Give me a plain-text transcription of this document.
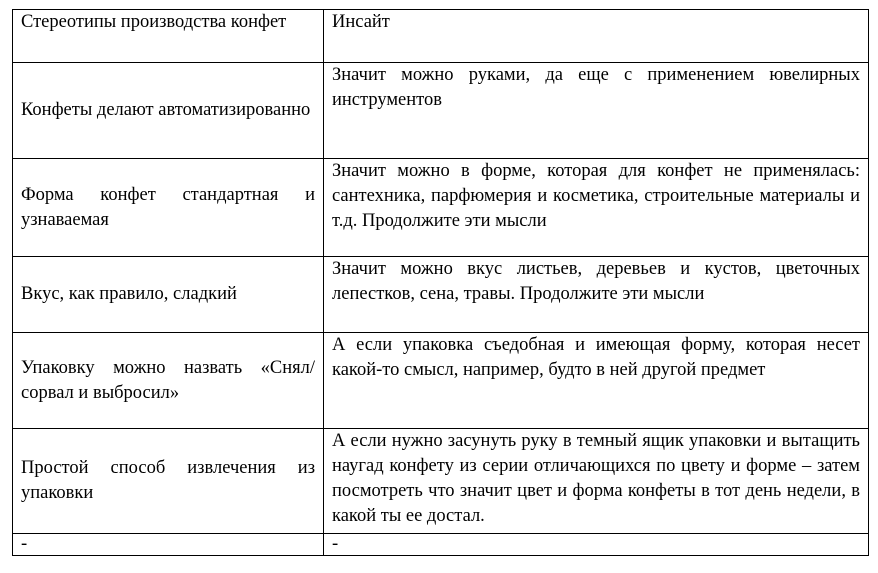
Стереотипы производства конфет	Инсайт
Конфеты делают автоматизированно	Значит можно руками, да еще с применением ювелирных инструментов
Форма конфет стандартная и узнаваемая	Значит можно в форме, которая для конфет не применялась: сантехника, парфюмерия и косметика, строительные материалы и т.д. Продолжите эти мысли
Вкус, как правило, сладкий	Значит можно вкус листьев, деревьев и кустов, цветочных лепестков, сена, травы. Продолжите эти мысли
Упаковку можно назвать «Снял/сорвал и выбросил»	А если упаковка съедобная и имеющая форму, которая несет какой-то смысл, например, будто в ней другой предмет
Простой способ извлечения из упаковки	А если нужно засунуть руку в темный ящик упаковки и вытащить наугад конфету из серии отличающихся по цвету и форме – затем посмотреть что значит цвет и форма конфеты в тот день недели, в какой ты ее достал.
-	-
